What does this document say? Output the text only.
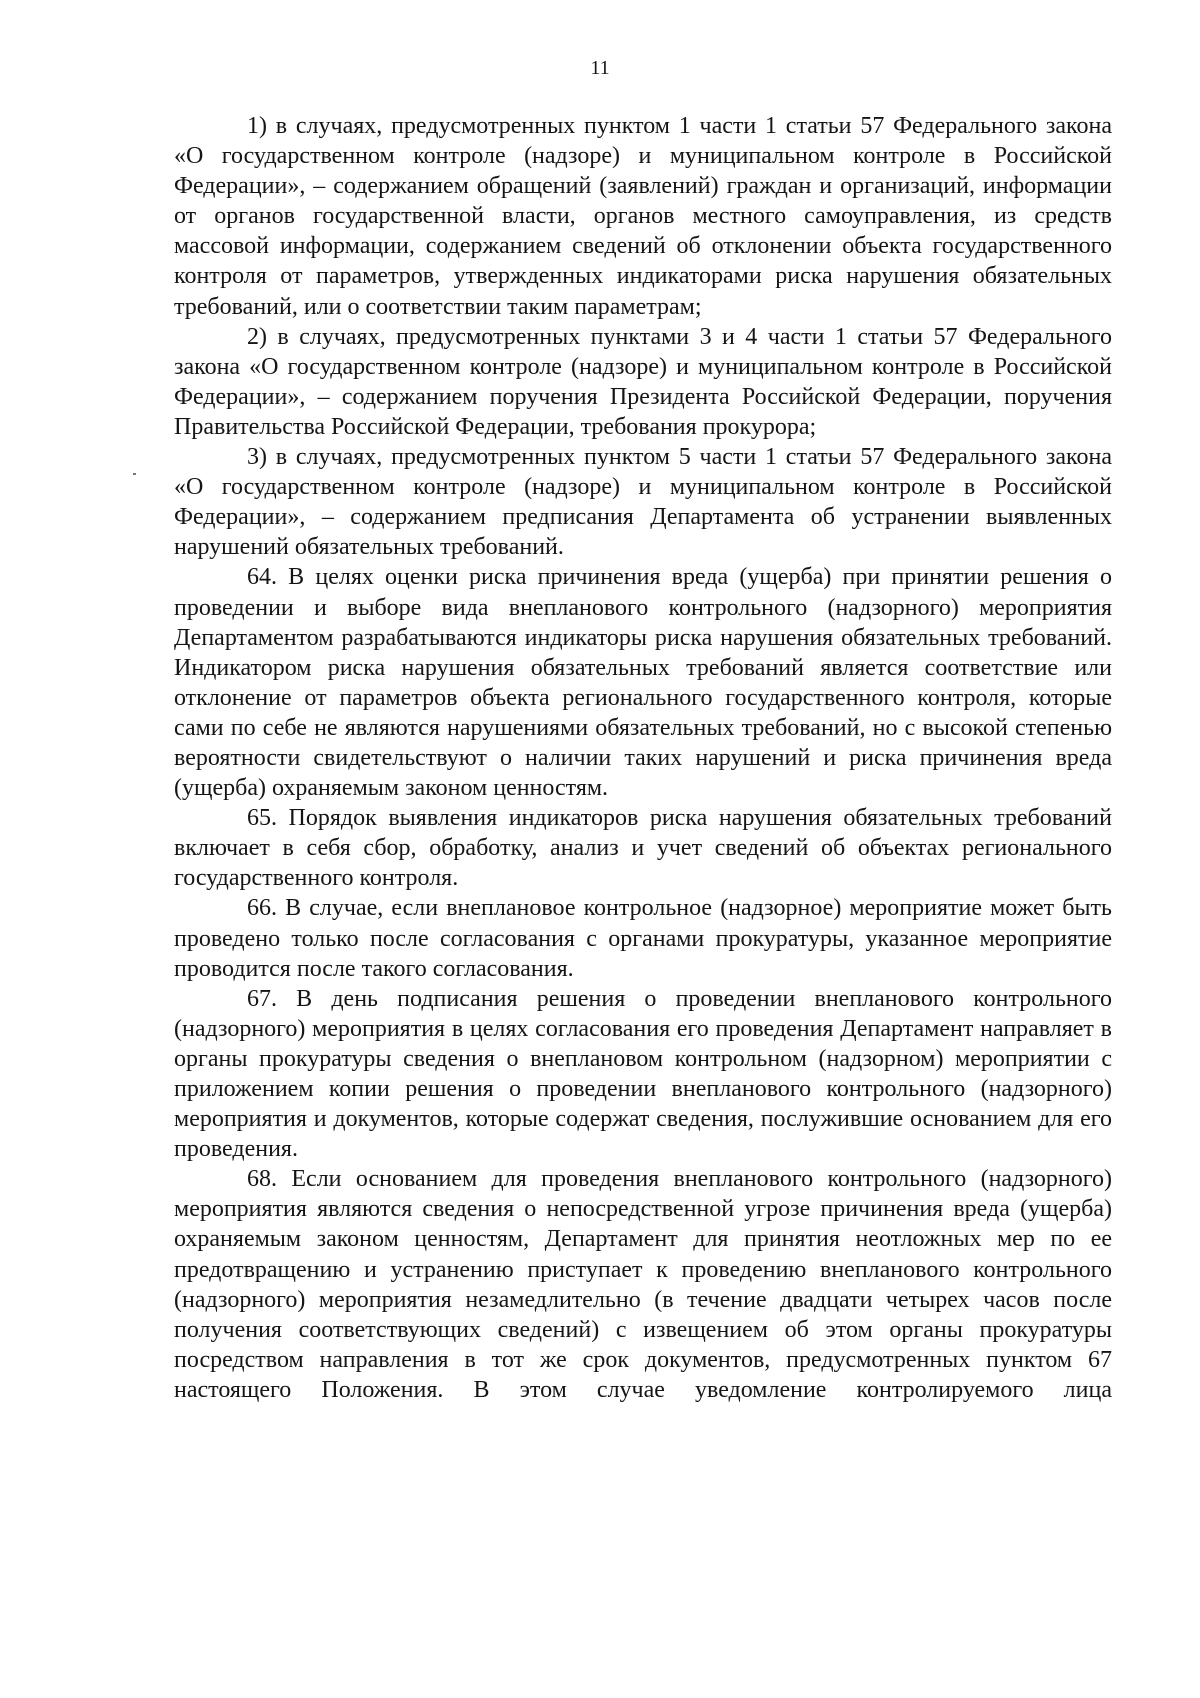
11

1) в случаях, предусмотренных пунктом 1 части 1 статьи 57 Федерального закона «О государственном контроле (надзоре) и муниципальном контроле в Российской Федерации», – содержанием обращений (заявлений) граждан и организаций, информации от органов государственной власти, органов местного самоуправления, из средств массовой информации, содержанием сведений об отклонении объекта государственного контроля от параметров, утвержденных индикаторами риска нарушения обязательных требований, или о соответствии таким параметрам;

2) в случаях, предусмотренных пунктами 3 и 4 части 1 статьи 57 Федерального закона «О государственном контроле (надзоре) и муниципальном контроле в Российской Федерации», – содержанием поручения Президента Российской Федерации, поручения Правительства Российской Федерации, требования прокурора;

3) в случаях, предусмотренных пунктом 5 части 1 статьи 57 Федерального закона «О государственном контроле (надзоре) и муниципальном контроле в Российской Федерации», – содержанием предписания Департамента об устранении выявленных нарушений обязательных требований.

64. В целях оценки риска причинения вреда (ущерба) при принятии решения о проведении и выборе вида внепланового контрольного (надзорного) мероприятия Департаментом разрабатываются индикаторы риска нарушения обязательных требований. Индикатором риска нарушения обязательных требований является соответствие или отклонение от параметров объекта регионального государственного контроля, которые сами по себе не являются нарушениями обязательных требований, но с высокой степенью вероятности свидетельствуют о наличии таких нарушений и риска причинения вреда (ущерба) охраняемым законом ценностям.

65. Порядок выявления индикаторов риска нарушения обязательных требований включает в себя сбор, обработку, анализ и учет сведений об объектах регионального государственного контроля.

66. В случае, если внеплановое контрольное (надзорное) мероприятие может быть проведено только после согласования с органами прокуратуры, указанное мероприятие проводится после такого согласования.

67. В день подписания решения о проведении внепланового контрольного (надзорного) мероприятия в целях согласования его проведения Департамент направляет в органы прокуратуры сведения о внеплановом контрольном (надзорном) мероприятии с приложением копии решения о проведении внепланового контрольного (надзорного) мероприятия и документов, которые содержат сведения, послужившие основанием для его проведения.

68. Если основанием для проведения внепланового контрольного (надзорного) мероприятия являются сведения о непосредственной угрозе причинения вреда (ущерба) охраняемым законом ценностям, Департамент для принятия неотложных мер по ее предотвращению и устранению приступает к проведению внепланового контрольного (надзорного) мероприятия незамедлительно (в течение двадцати четырех часов после получения соответствующих сведений) с извещением об этом органы прокуратуры посредством направления в тот же срок документов, предусмотренных пунктом 67 настоящего Положения. В этом случае уведомление контролируемого лица
